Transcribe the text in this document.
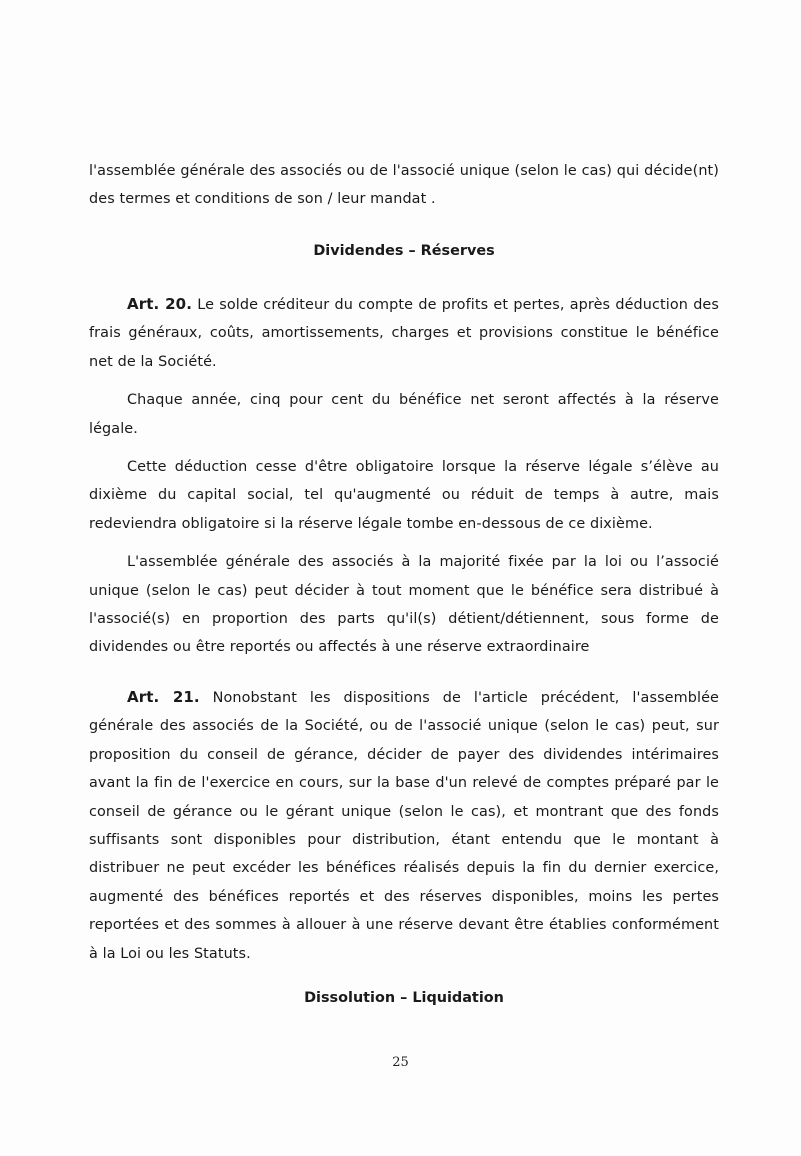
l'assemblée générale des associés ou de l'associé unique (selon le cas) qui décide(nt) des termes et conditions de son / leur mandat .

Dividendes – Réserves

Art. 20. Le solde créditeur du compte de profits et pertes, après déduction des frais généraux, coûts, amortissements, charges et provisions constitue le bénéfice net de la Société.

Chaque année, cinq pour cent du bénéfice net seront affectés à la réserve légale.

Cette déduction cesse d'être obligatoire lorsque la réserve légale s’élève au dixième du capital social, tel qu'augmenté ou réduit de temps à autre, mais redeviendra obligatoire si la réserve légale tombe en-dessous de ce dixième.

L'assemblée générale des associés à la majorité fixée par la loi ou l’associé unique (selon le cas) peut décider à tout moment que le bénéfice sera distribué à l'associé(s) en proportion des parts qu'il(s) détient/détiennent, sous forme de dividendes ou être reportés ou affectés à une réserve extraordinaire

Art. 21. Nonobstant les dispositions de l'article précédent, l'assemblée générale des associés de la Société, ou de l'associé unique (selon le cas) peut, sur proposition du conseil de gérance, décider de payer des dividendes intérimaires avant la fin de l'exercice en cours, sur la base d'un relevé de comptes préparé par le conseil de gérance ou le gérant unique (selon le cas), et montrant que des fonds suffisants sont disponibles pour distribution, étant entendu que le montant à distribuer ne peut excéder les bénéfices réalisés depuis la fin du dernier exercice, augmenté des bénéfices reportés et des réserves disponibles, moins les pertes reportées et des sommes à allouer à une réserve devant être établies conformément à la Loi ou les Statuts.

Dissolution – Liquidation
25
